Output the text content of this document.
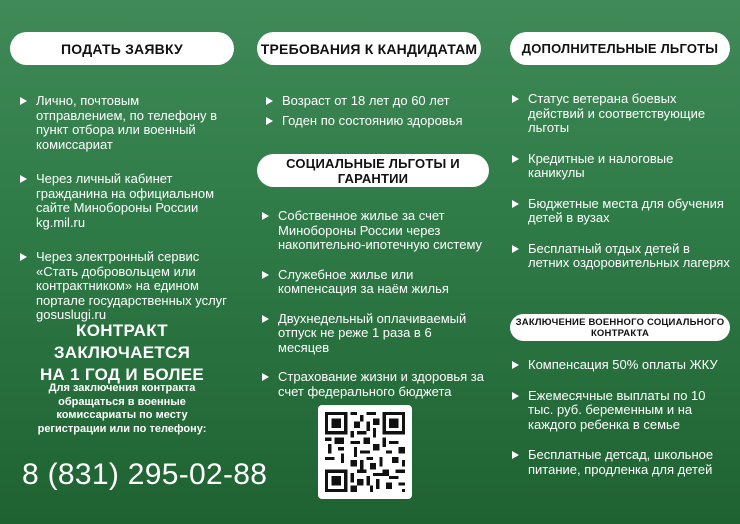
ПОДАТЬ ЗАЯВКУ
Лично, почтовым отправлением, по телефону в пункт отбора или военный комиссариат
Через личный кабинет гражданина на официальном сайте Минобороны России kg.mil.ru
Через электронный сервис «Стать добровольцем или контрактником» на едином портале государственных услуг gosuslugi.ru
КОНТРАКТ ЗАКЛЮЧАЕТСЯ
НА 1 ГОД И БОЛЕЕ
Для заключения контракта обращаться в военные комиссариаты по месту регистрации или по телефону:
8 (831) 295-02-88
ТРЕБОВАНИЯ К КАНДИДАТАМ
Возраст от 18 лет до 60 лет
Годен по состоянию здоровья
СОЦИАЛЬНЫЕ ЛЬГОТЫ И ГАРАНТИИ
Собственное жилье за счет Минобороны России через накопительно-ипотечную систему
Служебное жилье или компенсация за наём жилья
Двухнедельный оплачиваемый отпуск не реже 1 раза в 6 месяцев
Страхование жизни и здоровья за счет федерального бюджета
ДОПОЛНИТЕЛЬНЫЕ ЛЬГОТЫ
Статус ветерана боевых действий и соответствующие льготы
Кредитные и налоговые каникулы
Бюджетные места для обучения детей в вузах
Бесплатный отдых детей в летних оздоровительных лагерях
ЗАКЛЮЧЕНИЕ ВОЕННОГО СОЦИАЛЬНОГО КОНТРАКТА
Компенсация 50% оплаты ЖКУ
Ежемесячные выплаты по 10 тыс. руб. беременным и на каждого ребенка в семье
Бесплатные детсад, школьное питание, продленка для детей
